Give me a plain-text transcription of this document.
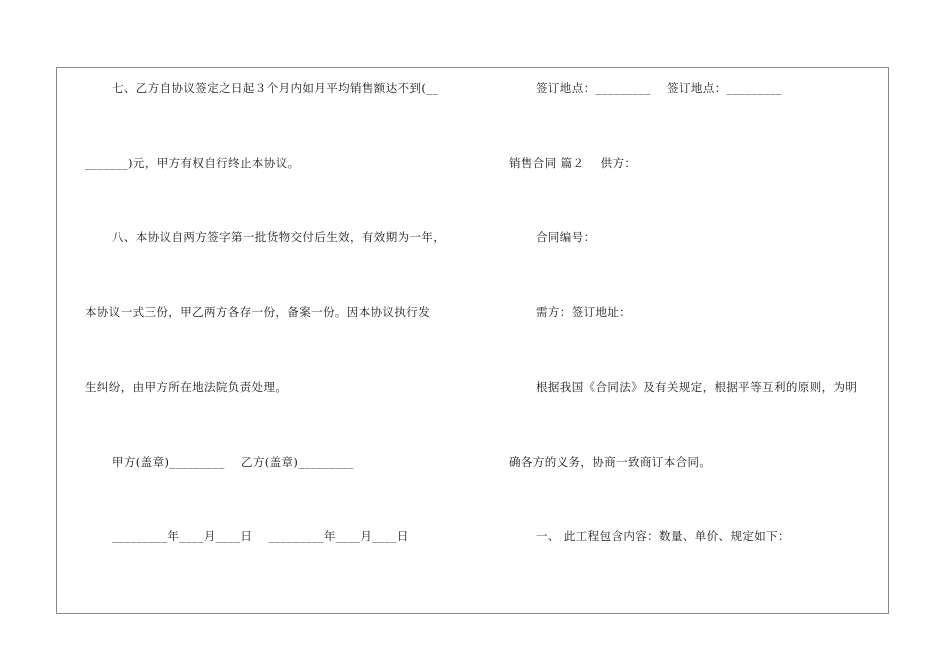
七、乙方自协议签定之日起３个月内如月平均销售额达不到(__
_______)元，甲方有权自行终止本协议。
八、本协议自两方签字第一批货物交付后生效，有效期为一年，
本协议一式三份，甲乙两方各存一份，备案一份。因本协议执行发
生纠纷，由甲方所在地法院负责处理。
甲方(盖章)_________    乙方(盖章)_________
_________年____月____日    _________年____月____日
签订地点：_________    签订地点：_________
销售合同 篇２    供方：
合同编号：
需方：签订地址：
根据我国《合同法》及有关规定，根据平等互利的原则，为明
确各方的义务，协商一致商订本合同。
一、 此工程包含内容：数量、单价、规定如下：
